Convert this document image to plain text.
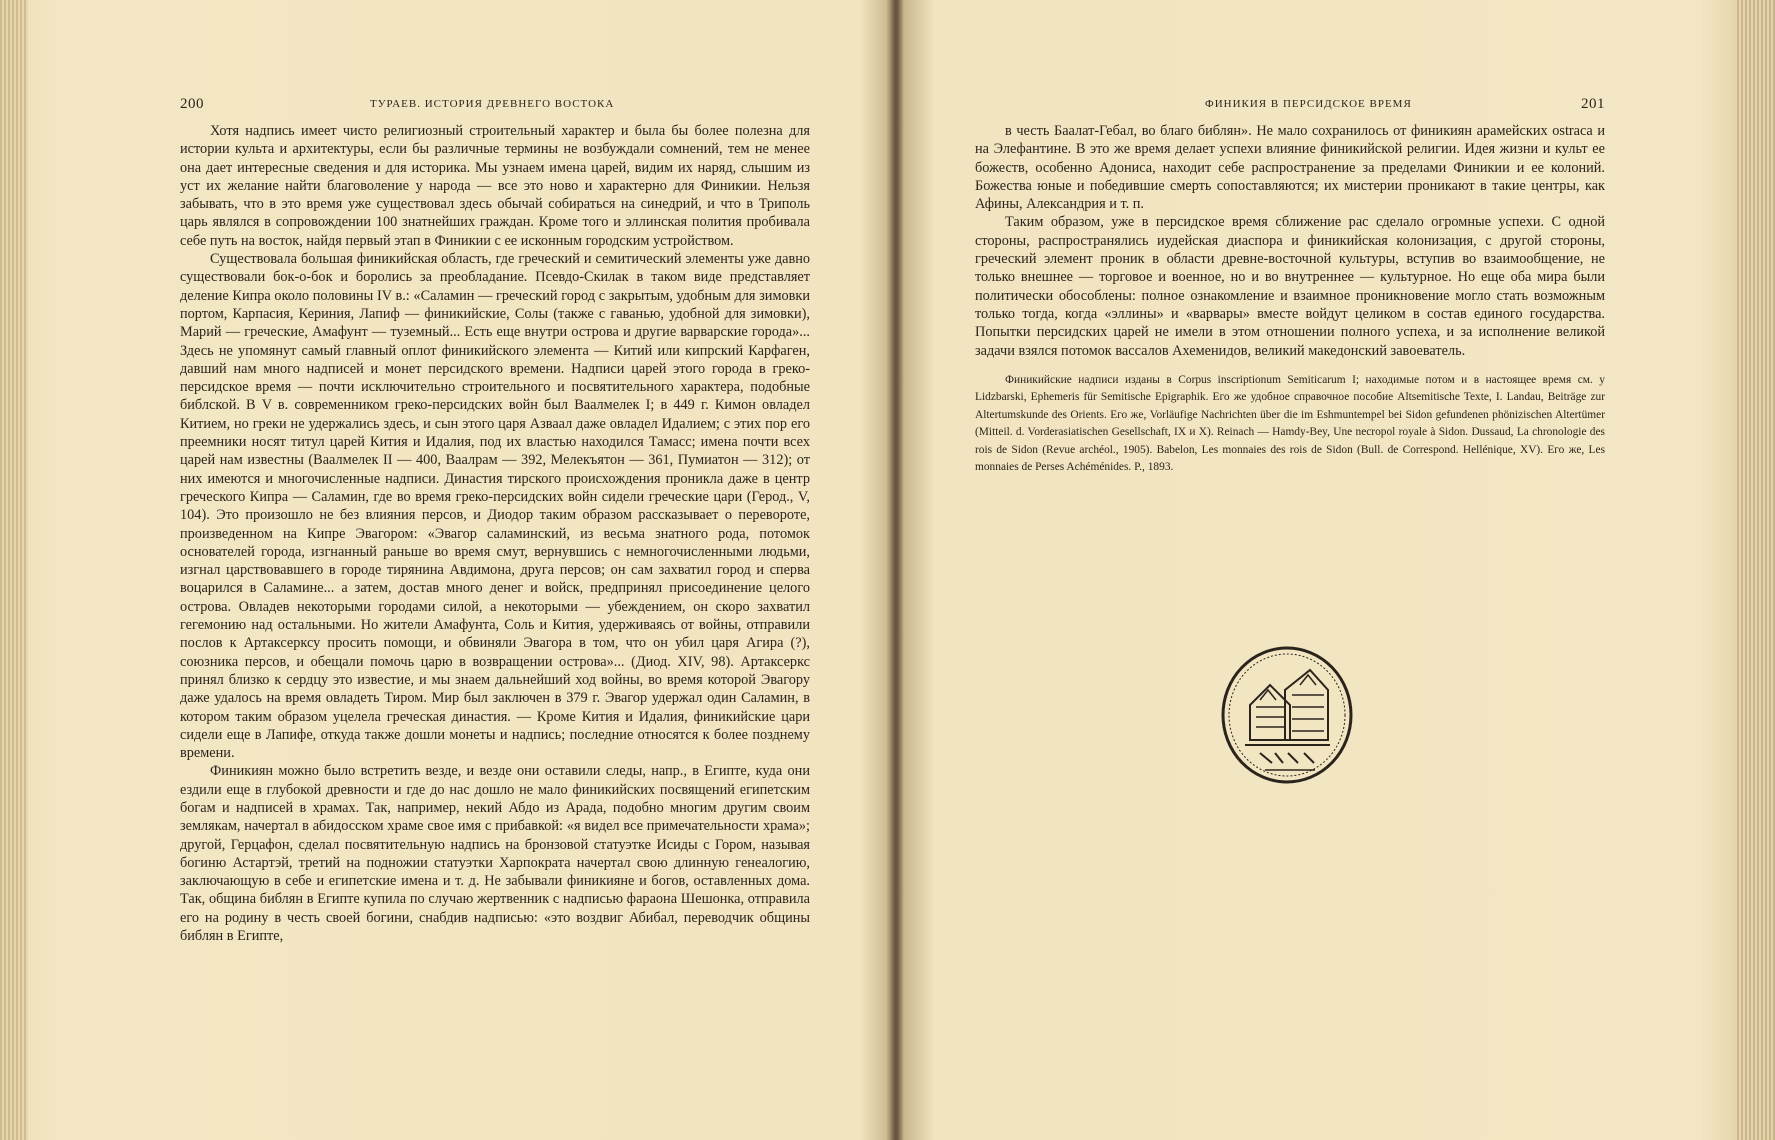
200	ТУРАЕВ. ИСТОРИЯ ДРЕВНЕГО ВОСТОКА

Хотя надпись имеет чисто религиозный строительный характер и была бы более полезна для истории культа и архитектуры, если бы различные термины не возбуждали сомнений, тем не менее она дает интересные сведения и для историка. Мы узнаем имена царей, видим их наряд, слышим из уст их желание найти благоволение у народа — все это ново и характерно для Финикии. Нельзя забывать, что в это время уже существовал здесь обычай собираться на синедрий, и что в Триполь царь являлся в сопровождении 100 знатнейших граждан. Кроме того и эллинская полития пробивала себе путь на восток, найдя первый этап в Финикии с ее исконным городским устройством.

Существовала большая финикийская область, где греческий и семитический элементы уже давно существовали бок-о-бок и боролись за преобладание. Псевдо-Скилак в таком виде представляет деление Кипра около половины IV в.: «Саламин — греческий город с закрытым, удобным для зимовки портом, Карпасия, Кериния, Лапиф — финикийские, Солы (также с гаванью, удобной для зимовки), Марий — греческие, Амафунт — туземный... Есть еще внутри острова и другие варварские города»... Здесь не упомянут самый главный оплот финикийского элемента — Китий или кипрский Карфаген, давший нам много надписей и монет персидского времени. Надписи царей этого города в греко-персидское время — почти исключительно строительного и посвятительного характера, подобные библской. В V в. современником греко-персидских войн был Ваалмелек I; в 449 г. Кимон овладел Китием, но греки не удержались здесь, и сын этого царя Азваал даже овладел Идалием; с этих пор его преемники носят титул царей Кития и Идалия, под их властью находился Тамасс; имена почти всех царей нам известны (Ваалмелек II — 400, Ваалрам — 392, Мелекъятон — 361, Пумиатон — 312); от них имеются и многочисленные надписи. Династия тирского происхождения проникла даже в центр греческого Кипра — Саламин, где во время греко-персидских войн сидели греческие цари (Герод., V, 104). Это произошло не без влияния персов, и Диодор таким образом рассказывает о перевороте, произведенном на Кипре Эвагором: «Эвагор саламинский, из весьма знатного рода, потомок основателей города, изгнанный раньше во время смут, вернувшись с немногочисленными людьми, изгнал царствовавшего в городе тирянина Авдимона, друга персов; он сам захватил город и сперва воцарился в Саламине... а затем, достав много денег и войск, предпринял присоединение целого острова. Овладев некоторыми городами силой, а некоторыми — убеждением, он скоро захватил гегемонию над остальными. Но жители Амафунта, Соль и Кития, удерживаясь от войны, отправили послов к Артаксерксу просить помощи, и обвиняли Эвагора в том, что он убил царя Агира (?), союзника персов, и обещали помочь царю в возвращении острова»... (Диод. XIV, 98). Артаксеркс принял близко к сердцу это известие, и мы знаем дальнейший ход войны, во время которой Эвагору даже удалось на время овладеть Тиром. Мир был заключен в 379 г. Эвагор удержал один Саламин, в котором таким образом уцелела греческая династия. — Кроме Кития и Идалия, финикийские цари сидели еще в Лапифе, откуда также дошли монеты и надпись; последние относятся к более позднему времени.

Финикиян можно было встретить везде, и везде они оставили следы, напр., в Египте, куда они ездили еще в глубокой древности и где до нас дошло не мало финикийских посвящений египетским богам и надписей в храмах. Так, например, некий Абдо из Арада, подобно многим другим своим землякам, начертал в абидосском храме свое имя с прибавкой: «я видел все примечательности храма»; другой, Герцафон, сделал посвятительную надпись на бронзовой статуэтке Исиды с Гором, называя богиню Астартэй, третий на подножии статуэтки Харпократа начертал свою длинную генеалогию, заключающую в себе и египетские имена и т. д. Не забывали финикияне и богов, оставленных дома. Так, община библян в Египте купила по случаю жертвенник с надписью фараона Шешонка, отправила его на родину в честь своей богини, снабдив надписью: «это воздвиг Абибал, переводчик общины библян в Египте,

ФИНИКИЯ В ПЕРСИДСКОЕ ВРЕМЯ	201

в честь Баалат-Гебал, во благо библян». Не мало сохранилось от финикиян арамейских ostraca и на Элефантине. В это же время делает успехи влияние финикийской религии. Идея жизни и культ ее божеств, особенно Адониса, находит себе распространение за пределами Финикии и ее колоний. Божества юные и победившие смерть сопоставляются; их мистерии проникают в такие центры, как Афины, Александрия и т. п.

Таким образом, уже в персидское время сближение рас сделало огромные успехи. С одной стороны, распространялись иудейская диаспора и финикийская колонизация, с другой стороны, греческий элемент проник в области древне-восточной культуры, вступив во взаимообщение, не только внешнее — торговое и военное, но и во внутреннее — культурное. Но еще оба мира были политически обособлены: полное ознакомление и взаимное проникновение могло стать возможным только тогда, когда «эллины» и «варвары» вместе войдут целиком в состав единого государства. Попытки персидских царей не имели в этом отношении полного успеха, и за исполнение великой задачи взялся потомок вассалов Ахеменидов, великий македонский завоеватель.

Финикийские надписи изданы в Corpus inscriptionum Semiticarum I; находимые потом и в настоящее время см. у Lidzbarski, Ephemeris für Semitische Epigraphik. Его же удобное справочное пособие Altsemitische Texte, I. Landau, Beiträge zur Altertumskunde des Orients. Его же, Vorläufige Nachrichten über die im Eshmuntempel bei Sidon gefundenen phönizischen Altertümer (Mitteil. d. Vorderasiatischen Gesellschaft, IX и X). Reinach — Hamdy-Bey, Une necropol royale à Sidon. Dussaud, La chronologie des rois de Sidon (Revue archéol., 1905). Babelon, Les monnaies des rois de Sidon (Bull. de Correspond. Hellénique, XV). Его же, Les monnaies de Perses Achéménides. P., 1893.
